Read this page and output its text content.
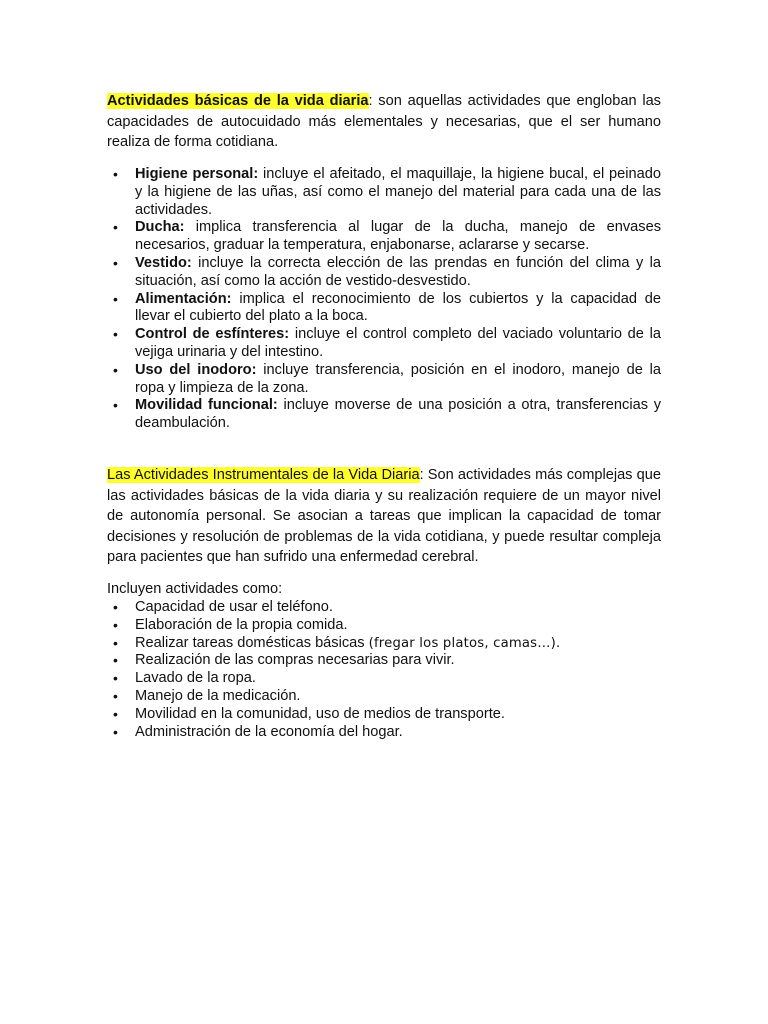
Actividades básicas de la vida diaria: son aquellas actividades que engloban las capacidades de autocuidado más elementales y necesarias, que el ser humano realiza de forma cotidiana.

• Higiene personal: incluye el afeitado, el maquillaje, la higiene bucal, el peinado y la higiene de las uñas, así como el manejo del material para cada una de las actividades.
• Ducha: implica transferencia al lugar de la ducha, manejo de envases necesarios, graduar la temperatura, enjabonarse, aclararse y secarse.
• Vestido: incluye la correcta elección de las prendas en función del clima y la situación, así como la acción de vestido-desvestido.
• Alimentación: implica el reconocimiento de los cubiertos y la capacidad de llevar el cubierto del plato a la boca.
• Control de esfínteres: incluye el control completo del vaciado voluntario de la vejiga urinaria y del intestino.
• Uso del inodoro: incluye transferencia, posición en el inodoro, manejo de la ropa y limpieza de la zona.
• Movilidad funcional: incluye moverse de una posición a otra, transferencias y deambulación.

Las Actividades Instrumentales de la Vida Diaria: Son actividades más complejas que las actividades básicas de la vida diaria y su realización requiere de un mayor nivel de autonomía personal. Se asocian a tareas que implican la capacidad de tomar decisiones y resolución de problemas de la vida cotidiana, y puede resultar compleja para pacientes que han sufrido una enfermedad cerebral.

Incluyen actividades como:

• Capacidad de usar el teléfono.
• Elaboración de la propia comida.
• Realizar tareas domésticas básicas (fregar los platos, camas…).
• Realización de las compras necesarias para vivir.
• Lavado de la ropa.
• Manejo de la medicación.
• Movilidad en la comunidad, uso de medios de transporte.
• Administración de la economía del hogar.
